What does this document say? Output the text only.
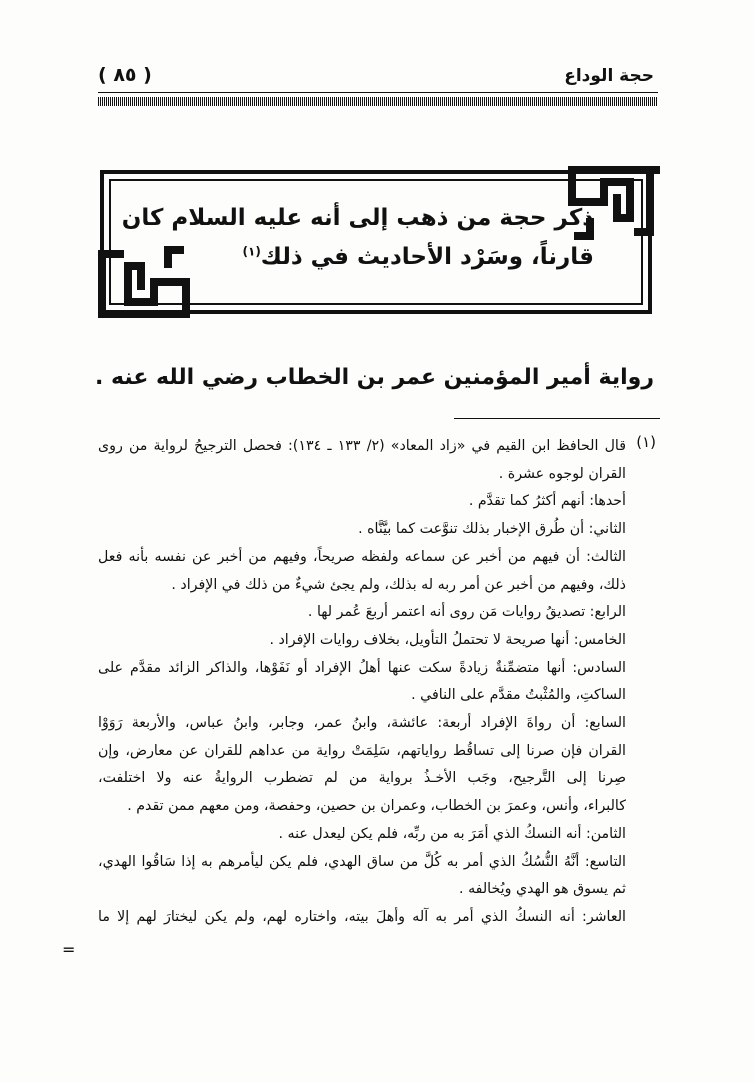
حجة الوداع
( ٨٥ )
ذكر حجة من ذهب إلى أنه عليه السلام كان
قارناً، وسَرْد الأحاديث في ذلك$^{(١)}$
رواية أمير المؤمنين عمر بن الخطاب رضي الله عنه .
(١)
قال الحافظ ابن القيم في «زاد المعاد» (٢/ ١٣٣ ـ ١٣٤): فحصل الترجيحُ لرواية من روى
القران لوجوه عشرة .
أحدها: أنهم أكثرُ كما تقدَّم .
الثاني: أن طُرق الإخبار بذلك تنوَّعت كما بيَّنَّاه .
الثالث: أن فيهم من أخبر عن سماعه ولفظه صريحاً، وفيهم من أخبر عن نفسه بأنه فعل
ذلك، وفيهم من أخبر عن أمر ربه له بذلك، ولم يجئ شيءٌ من ذلك في الإفراد .
الرابع: تصديقُ روايات مَن روى أنه اعتمر أربعَ عُمر لها .
الخامس: أنها صريحة لا تحتملُ التأويل، بخلاف روايات الإفراد .
السادس: أنها متضمِّنةٌ زيادةً سكت عنها أهلُ الإفراد أو نَفَوْها، والذاكر الزائد مقدَّم على
الساكتِ، والمُثْبتُ مقدَّم على النافي .
السابع: أن رواةَ الإفراد أربعة: عائشة، وابنُ عمر، وجابر، وابنُ عباس، والأربعة رَوَوْا
القران فإن صرنا إلى تساقُط رواياتهم، سَلِمَتْ رواية من عداهم للقران عن معارض، وإن
صِرنا إلى التَّرجيح، وجَب الأخـذُ برواية من لم تضطرب الروايةُ عنه ولا اختلفت،
كالبراء، وأنس، وعمرَ بن الخطاب، وعمران بن حصين، وحفصة، ومن معهم ممن تقدم .
الثامن: أنه النسكُ الذي أمَرَ به من ربِّه، فلم يكن ليعدل عنه .
التاسع: أنَّهُ النُّسُكُ الذي أمر به كُلَّ من ساق الهدي، فلم يكن ليأمرهم به إذا سَاقُوا الهدي،
ثم يسوق هو الهدي ويُخالفه .
العاشر: أنه النسكُ الذي أمر به آله وأهلَ بيته، واختاره لهم، ولم يكن ليختارَ لهم إلا ما
=
